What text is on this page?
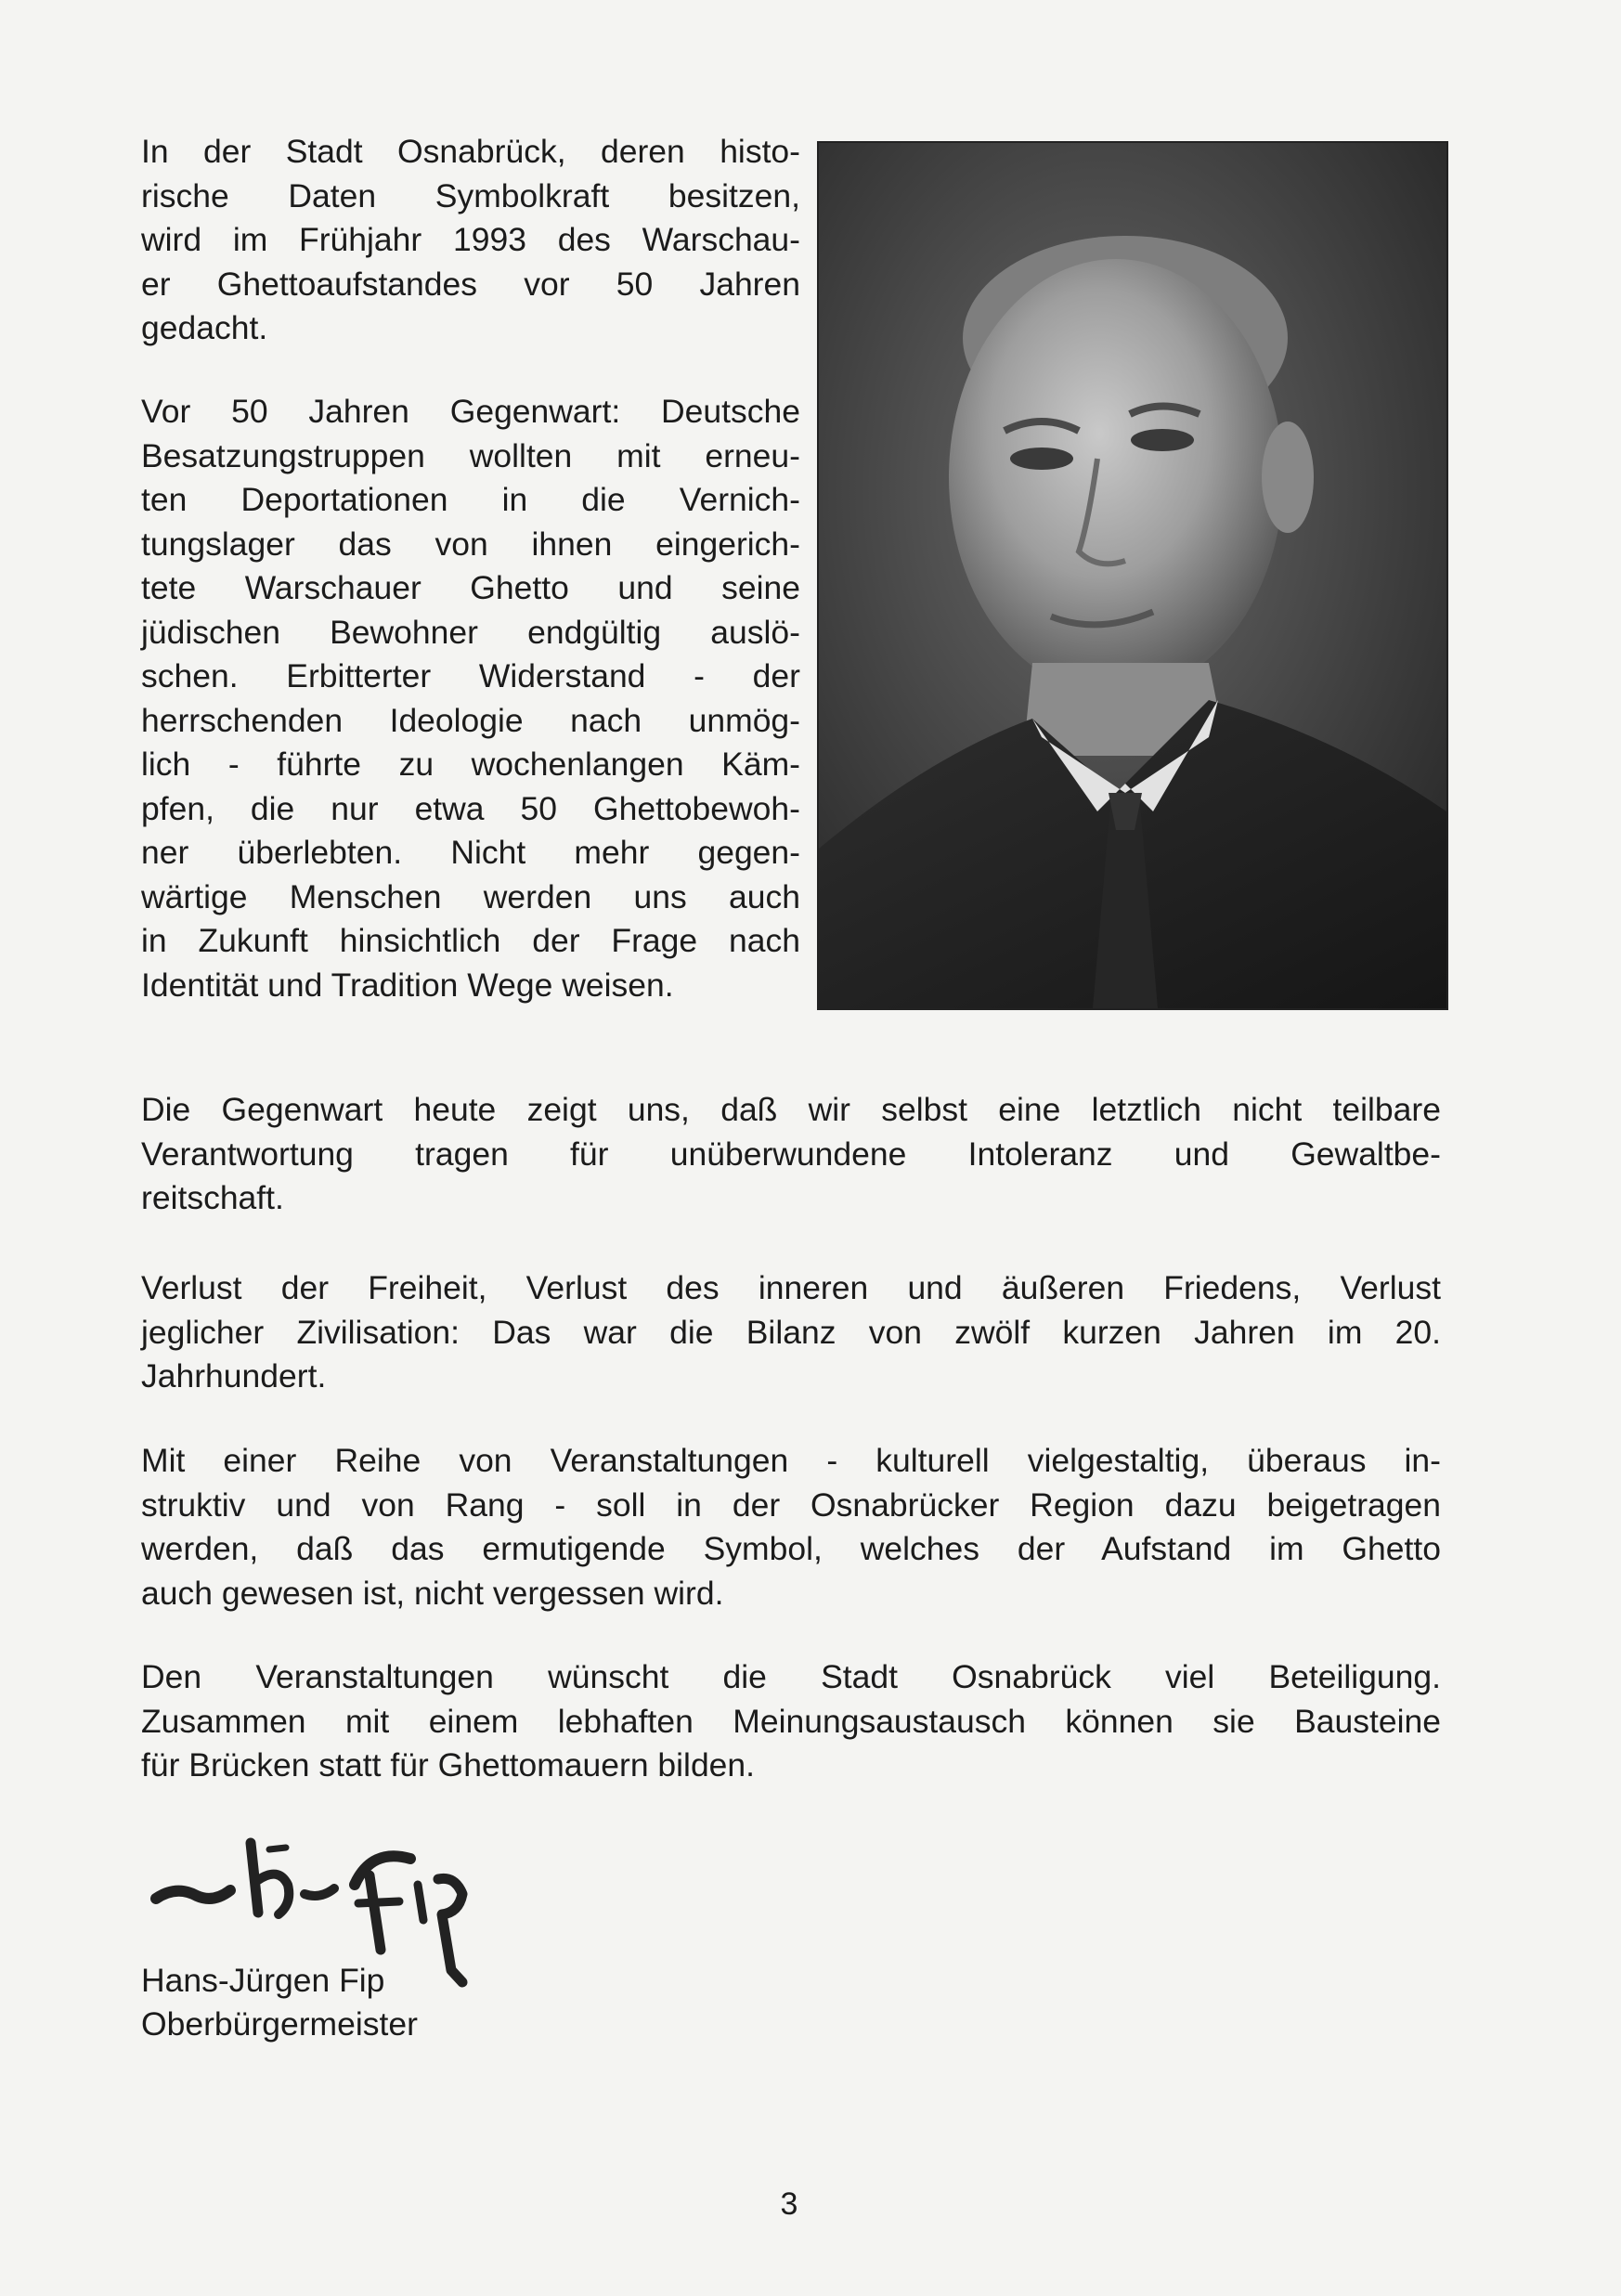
In der Stadt Osnabrück, deren histo-
rische Daten Symbolkraft besitzen,
wird im Frühjahr 1993 des Warschau-
er Ghettoaufstandes vor 50 Jahren
gedacht.
Vor 50 Jahren Gegenwart: Deutsche
Besatzungstruppen wollten mit erneu-
ten Deportationen in die Vernich-
tungslager das von ihnen eingerich-
tete Warschauer Ghetto und seine
jüdischen Bewohner endgültig auslö-
schen. Erbitterter Widerstand - der
herrschenden Ideologie nach unmög-
lich - führte zu wochenlangen Käm-
pfen, die nur etwa 50 Ghettobewoh-
ner überlebten. Nicht mehr gegen-
wärtige Menschen werden uns auch
in Zukunft hinsichtlich der Frage nach
Identität und Tradition Wege weisen.
Die Gegenwart heute zeigt uns, daß wir selbst eine letztlich nicht teilbare
Verantwortung tragen für unüberwundene Intoleranz und Gewaltbe-
reitschaft.
Verlust der Freiheit, Verlust des inneren und äußeren Friedens, Verlust
jeglicher Zivilisation: Das war die Bilanz von zwölf kurzen Jahren im 20.
Jahrhundert.
Mit einer Reihe von Veranstaltungen - kulturell vielgestaltig, überaus in-
struktiv und von Rang - soll in der Osnabrücker Region dazu beigetragen
werden, daß das ermutigende Symbol, welches der Aufstand im Ghetto
auch gewesen ist, nicht vergessen wird.
Den Veranstaltungen wünscht die Stadt Osnabrück viel Beteiligung.
Zusammen mit einem lebhaften Meinungsaustausch können sie Bausteine
für Brücken statt für Ghettomauern bilden.
Hans-Jürgen Fip
Oberbürgermeister
3
